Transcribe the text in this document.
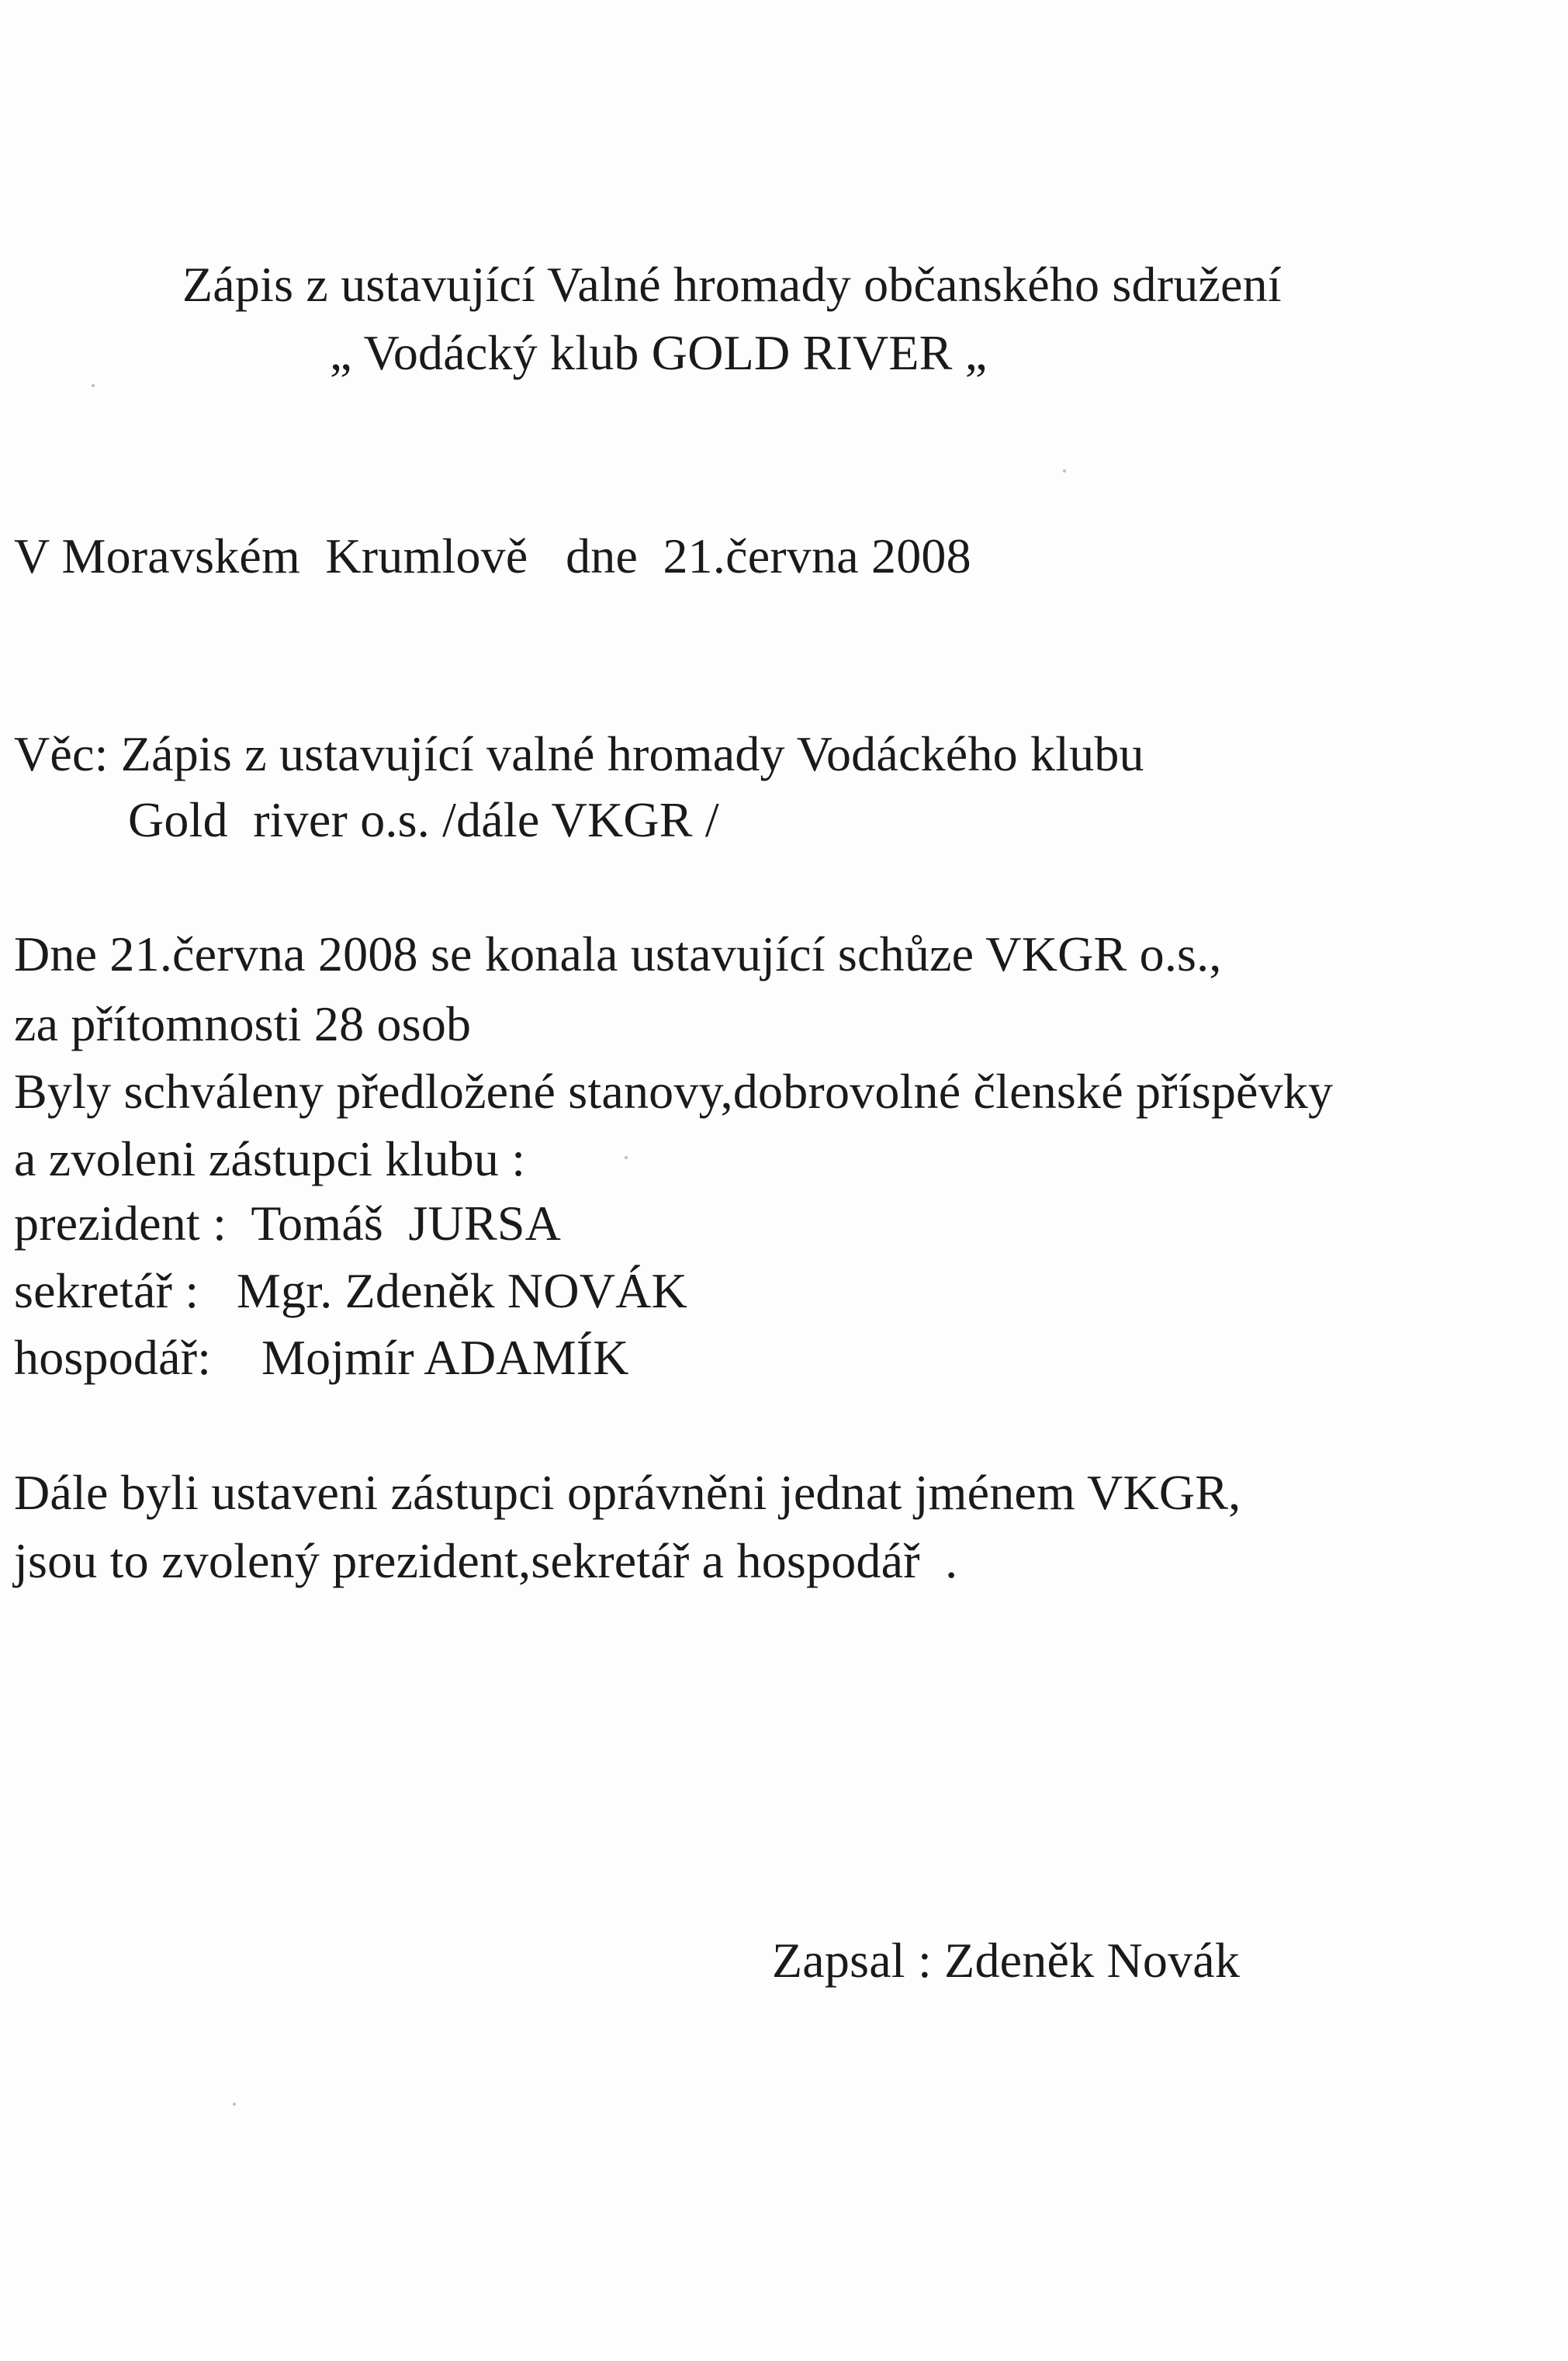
Zápis z ustavující Valné hromady občanského sdružení
„ Vodácký klub GOLD RIVER „
V Moravském  Krumlově   dne  21.června 2008
Věc: Zápis z ustavující valné hromady Vodáckého klubu
Gold  river o.s. /dále VKGR /
Dne 21.června 2008 se konala ustavující schůze VKGR o.s.,
za přítomnosti 28 osob
Byly schváleny předložené stanovy,dobrovolné členské příspěvky
a zvoleni zástupci klubu :
prezident :  Tomáš  JURSA
sekretář :   Mgr. Zdeněk NOVÁK
hospodář:    Mojmír ADAMÍK
Dále byli ustaveni zástupci oprávněni jednat jménem VKGR,
jsou to zvolený prezident,sekretář a hospodář  .
Zapsal : Zdeněk Novák
